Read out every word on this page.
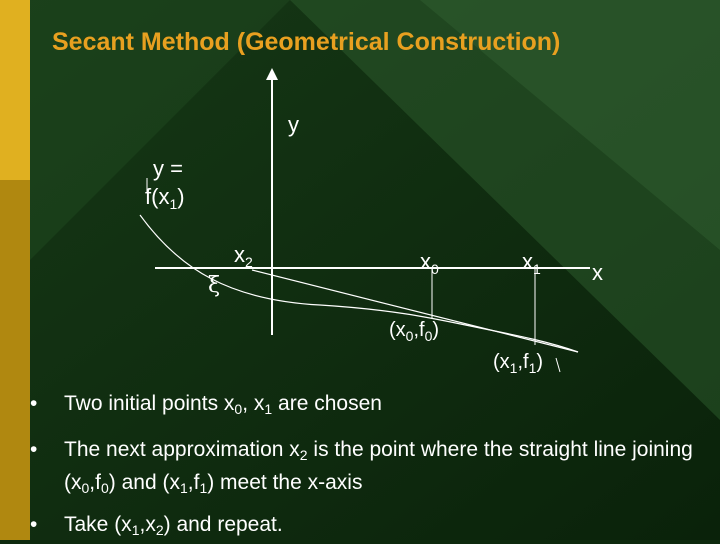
Secant Method (Geometrical Construction)
y
x
y =
$f(x_1)$
$x_2$	$x_0$	$x_1$
ξ
$(x_0,f_0)$
$(x_1,f_1)$
• Two initial points $x_0$, $x_1$ are chosen
• The next approximation $x_2$ is the point where the straight line joining $(x_0,f_0)$ and $(x_1,f_1)$ meet the x-axis
• Take $(x_1,x_2)$ and repeat.
